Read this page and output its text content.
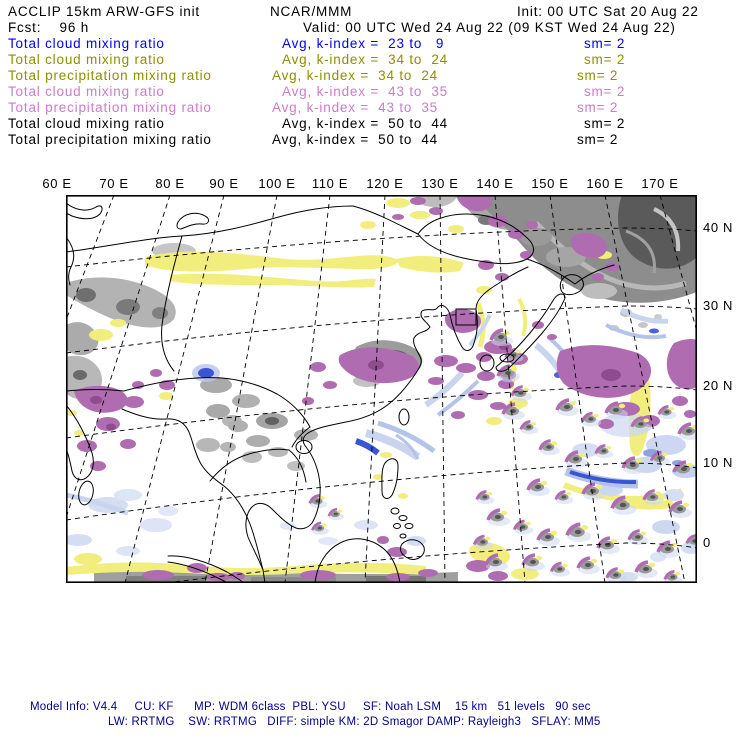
ACCLIP 15km ARW-GFS init	NCAR/MMM	Init: 00 UTC Sat 20 Aug 22
Fcst:    96 h	Valid: 00 UTC Wed 24 Aug 22 (09 KST Wed 24 Aug 22)
Total cloud mixing ratio	Avg, k-index =  23 to   9	sm= 2
Total cloud mixing ratio	Avg, k-index =  34 to  24	sm= 2
Total precipitation mixing ratio	Avg, k-index =  34 to  24	sm= 2
Total cloud mixing ratio	Avg, k-index =  43 to  35	sm= 2
Total precipitation mixing ratio	Avg, k-index =  43 to  35	sm= 2
Total cloud mixing ratio	Avg, k-index =  50 to  44	sm= 2
Total precipitation mixing ratio	Avg, k-index =  50 to  44	sm= 2
60 E 70 E 80 E 90 E 100 E 110 E 120 E 130 E 140 E 150 E 160 E 170 E
40 N
30 N
20 N
10 N
0
Model Info: V4.4     CU: KF      MP: WDM 6class  PBL: YSU     SF: Noah LSM    15 km   51 levels   90 sec
LW: RRTMG    SW: RRTMG   DIFF: simple KM: 2D Smagor DAMP: Rayleigh3   SFLAY: MM5
